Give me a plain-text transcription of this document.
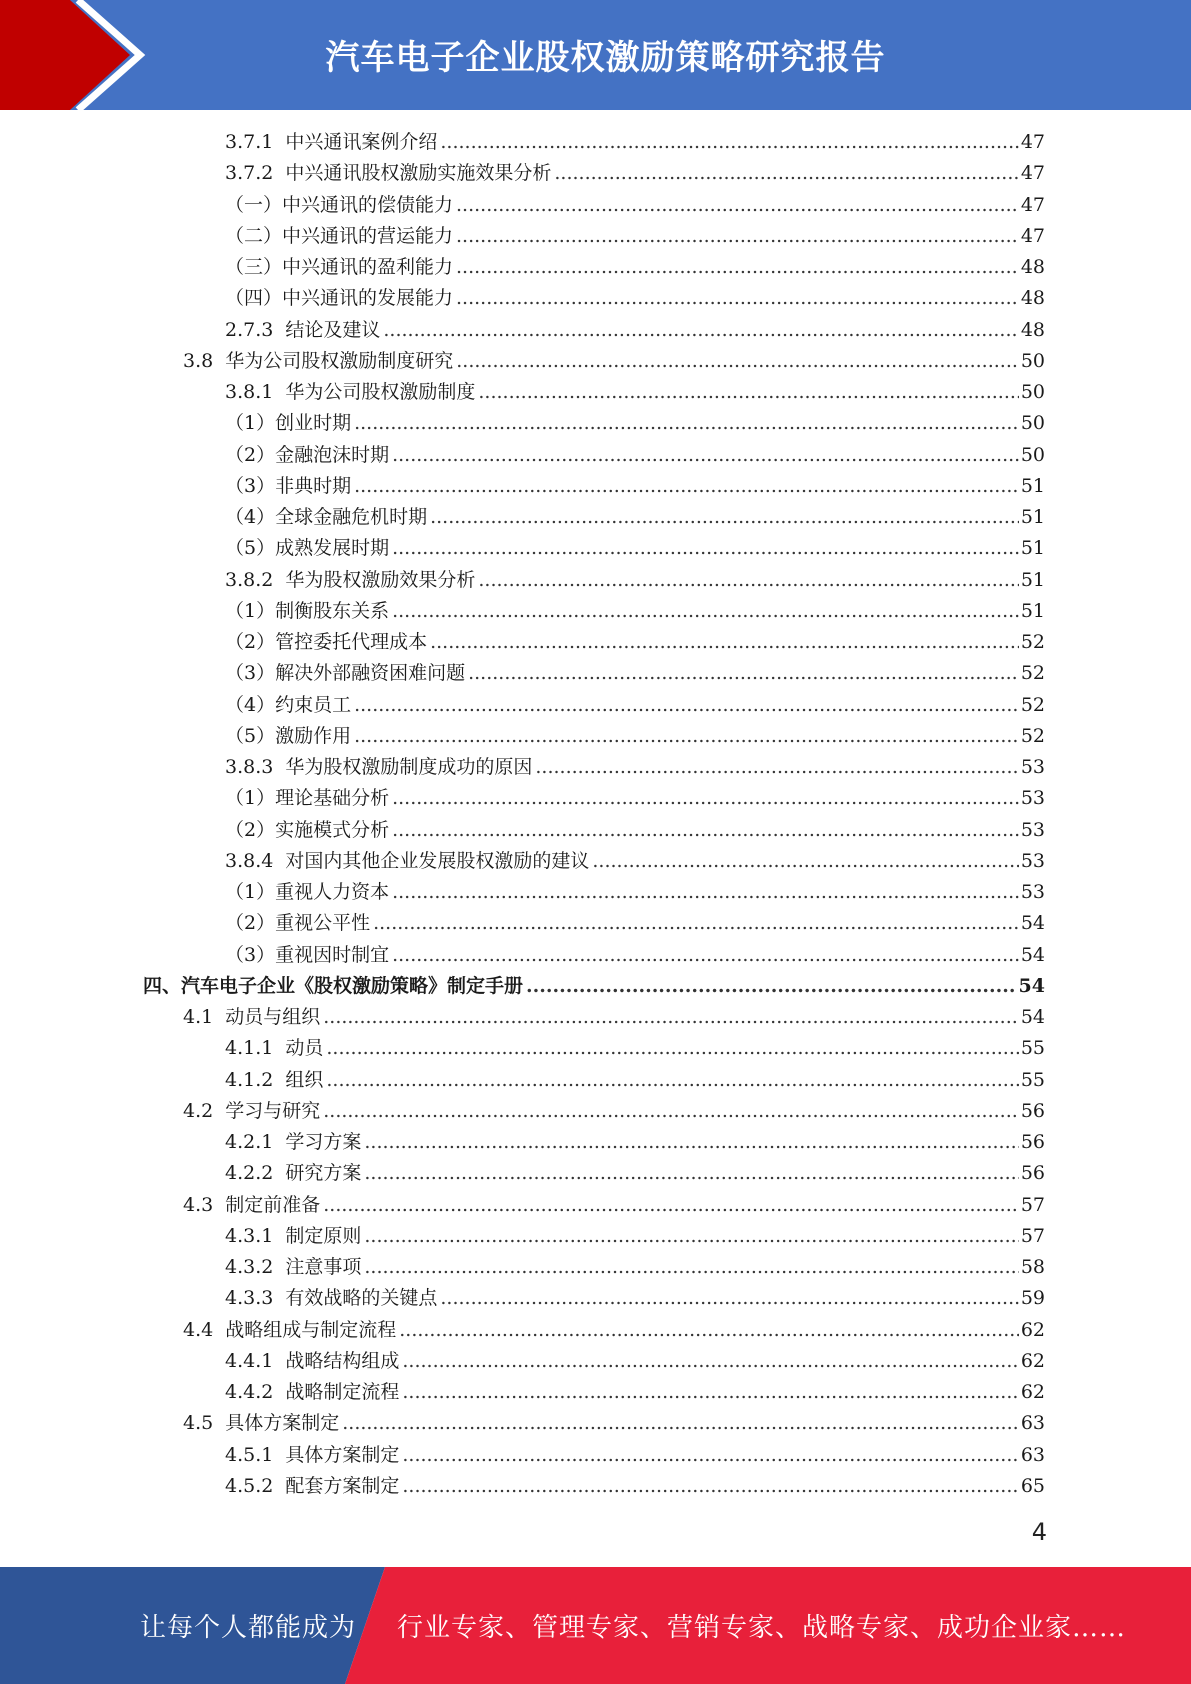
汽车电子企业股权激励策略研究报告
3.7.1 中兴通讯案例介绍 .....	47
3.7.2 中兴通讯股权激励实施效果分析 .....	47
（一）中兴通讯的偿债能力 .....	47
（二）中兴通讯的营运能力 .....	47
（三）中兴通讯的盈利能力 .....	48
（四）中兴通讯的发展能力 .....	48
2.7.3 结论及建议 .....	48
3.8 华为公司股权激励制度研究 .....	50
3.8.1 华为公司股权激励制度 .....	50
（1）创业时期 .....	50
（2）金融泡沫时期 .....	50
（3）非典时期 .....	51
（4）全球金融危机时期 .....	51
（5）成熟发展时期 .....	51
3.8.2 华为股权激励效果分析 .....	51
（1）制衡股东关系 .....	51
（2）管控委托代理成本 .....	52
（3）解决外部融资困难问题 .....	52
（4）约束员工 .....	52
（5）激励作用 .....	52
3.8.3 华为股权激励制度成功的原因 .....	53
（1）理论基础分析 .....	53
（2）实施模式分析 .....	53
3.8.4 对国内其他企业发展股权激励的建议 .....	53
（1）重视人力资本 .....	53
（2）重视公平性 .....	54
（3）重视因时制宜 .....	54
四、汽车电子企业《股权激励策略》制定手册 .....	54
4.1 动员与组织 .....	54
4.1.1 动员 .....	55
4.1.2 组织 .....	55
4.2 学习与研究 .....	56
4.2.1 学习方案 .....	56
4.2.2 研究方案 .....	56
4.3 制定前准备 .....	57
4.3.1 制定原则 .....	57
4.3.2 注意事项 .....	58
4.3.3 有效战略的关键点 .....	59
4.4 战略组成与制定流程 .....	62
4.4.1 战略结构组成 .....	62
4.4.2 战略制定流程 .....	62
4.5 具体方案制定 .....	63
4.5.1 具体方案制定 .....	63
4.5.2 配套方案制定 .....	65
4
让每个人都能成为 行业专家、管理专家、营销专家、战略专家、成功企业家……
